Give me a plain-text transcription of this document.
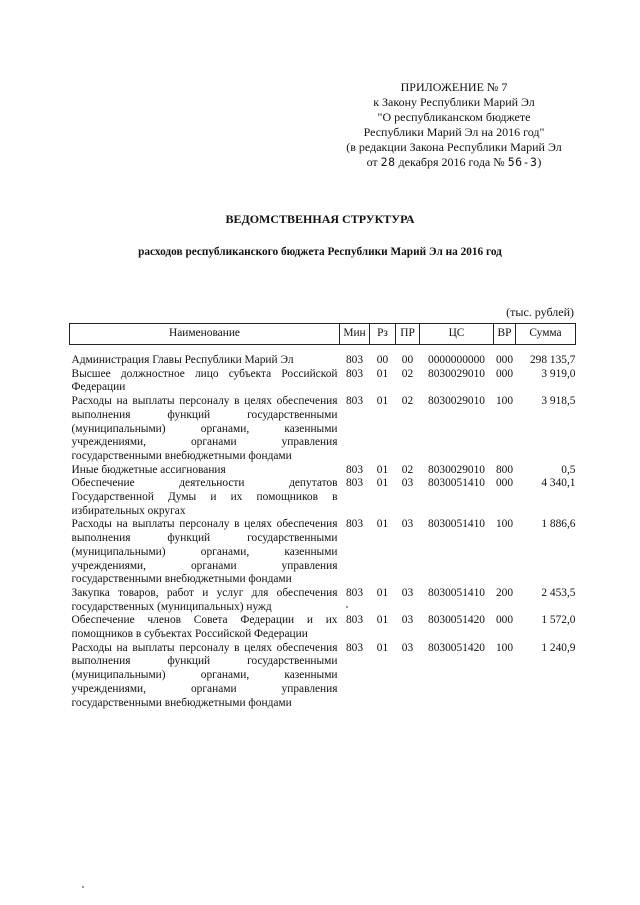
ПРИЛОЖЕНИЕ № 7
к Закону Республики Марий Эл
"О республиканском бюджете
Республики Марий Эл на 2016 год"
(в редакции Закона Республики Марий Эл
от 28 декабря 2016 года № 56-З)
ВЕДОМСТВЕННАЯ СТРУКТУРА
расходов республиканского бюджета Республики Марий Эл на 2016 год
(тыс. рублей)
Наименование	Мин	Рз	ПР	ЦС	ВР	Сумма
Администрация Главы Республики Марий Эл	803	00	00	0000000000	000	298 135,7
Высшее должностное лицо субъекта Российской Федерации	803	01	02	8030029010	000	3 919,0
Расходы на выплаты персоналу в целях обеспечения выполнения функций государственными (муниципальными) органами, казенными учреждениями, органами управления государственными внебюджетными фондами	803	01	02	8030029010	100	3 918,5
Иные бюджетные ассигнования	803	01	02	8030029010	800	0,5
Обеспечение деятельности депутатов Государственной Думы и их помощников в избирательных округах	803	01	03	8030051410	000	4 340,1
Расходы на выплаты персоналу в целях обеспечения выполнения функций государственными (муниципальными) органами, казенными учреждениями, органами управления государственными внебюджетными фондами	803	01	03	8030051410	100	1 886,6
Закупка товаров, работ и услуг для обеспечения государственных (муниципальных) нужд	803	01	03	8030051410	200	2 453,5
Обеспечение членов Совета Федерации и их помощников в субъектах Российской Федерации	803	01	03	8030051420	000	1 572,0
Расходы на выплаты персоналу в целях обеспечения выполнения функций государственными (муниципальными) органами, казенными учреждениями, органами управления государственными внебюджетными фондами	803	01	03	8030051420	100	1 240,9
